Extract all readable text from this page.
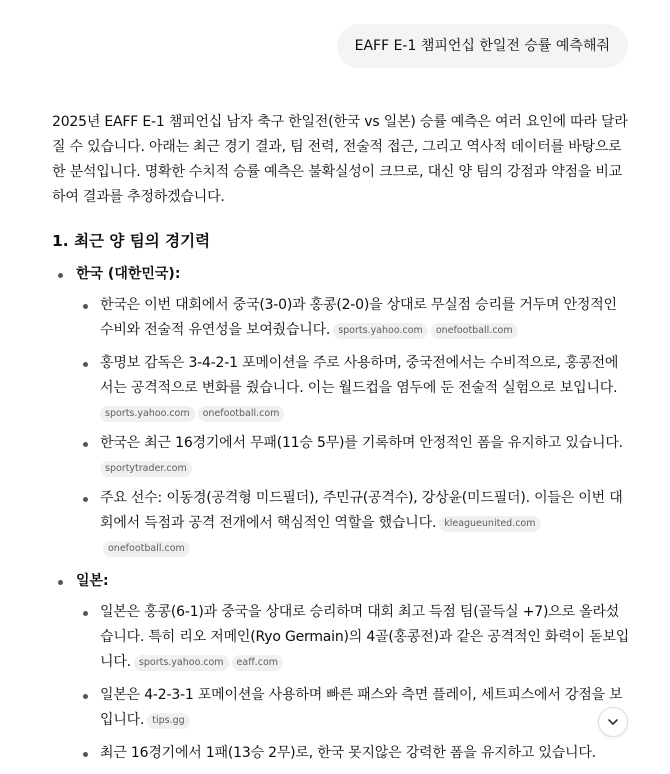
EAFF E-1 챔피언십 한일전 승률 예측해줘

2025년 EAFF E-1 챔피언십 남자 축구 한일전(한국 vs 일본) 승률 예측은 여러 요인에 따라 달라질 수 있습니다. 아래는 최근 경기 결과, 팀 전력, 전술적 접근, 그리고 역사적 데이터를 바탕으로 한 분석입니다. 명확한 수치적 승률 예측은 불확실성이 크므로, 대신 양 팀의 강점과 약점을 비교하여 결과를 추정하겠습니다.

1. 최근 양 팀의 경기력
한국 (대한민국):
한국은 이번 대회에서 중국(3-0)과 홍콩(2-0)을 상대로 무실점 승리를 거두며 안정적인 수비와 전술적 유연성을 보여줬습니다. sports.yahoo.com onefootball.com
홍명보 감독은 3-4-2-1 포메이션을 주로 사용하며, 중국전에서는 수비적으로, 홍콩전에서는 공격적으로 변화를 줬습니다. 이는 월드컵을 염두에 둔 전술적 실험으로 보입니다.
sports.yahoo.com onefootball.com
한국은 최근 16경기에서 무패(11승 5무)를 기록하며 안정적인 폼을 유지하고 있습니다.
sportytrader.com
주요 선수: 이동경(공격형 미드필더), 주민규(공격수), 강상윤(미드필더). 이들은 이번 대회에서 득점과 공격 전개에서 핵심적인 역할을 했습니다. kleagueunited.comonefootball.com
일본:
일본은 홍콩(6-1)과 중국을 상대로 승리하며 대회 최고 득점 팀(골득실 +7)으로 올라섰습니다. 특히 리오 저메인(Ryo Germain)의 4골(홍콩전)과 같은 공격적인 화력이 돋보입니다. sports.yahoo.com eaff.com
일본은 4-2-3-1 포메이션을 사용하며 빠른 패스와 측면 플레이, 세트피스에서 강점을 보입니다. tips.gg
최근 16경기에서 1패(13승 2무)로, 한국 못지않은 강력한 폼을 유지하고 있습니다.
